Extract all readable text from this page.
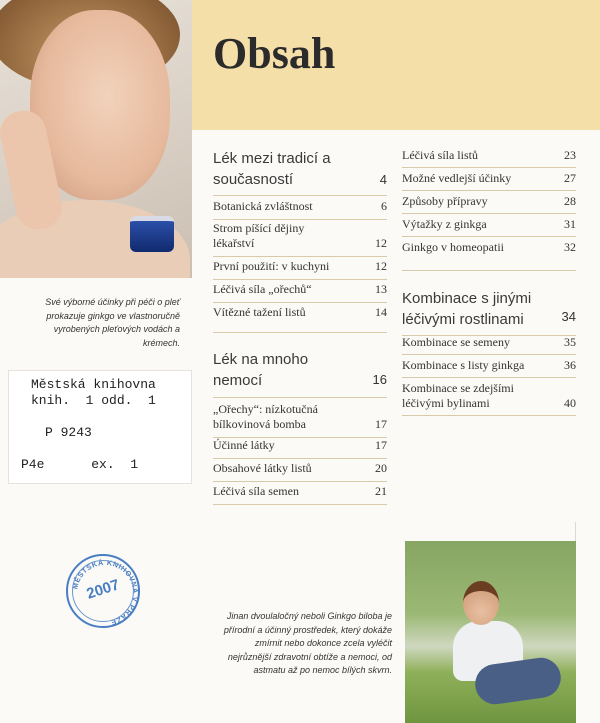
Své výborné účinky při péči o pleť prokazuje ginkgo ve vlastnoručně vyrobených pleťových vodách a krémech.

Městská knihovna
knih.  1 odd.  1
P 9243
P4e      ex.  1
MĚSTSKÁ KNIHOVNA V PRAZE
2007
Obsah
Lék mezi tradicí a současností	4
Botanická zvláštnost	6
Strom píšící dějiny lékařství	12
První použití: v kuchyni	12
Léčivá síla „ořechů“	13
Vítězné tažení listů	14
Lék na mnoho nemocí	16
„Ořechy“: nízkotučná bílkovinová bomba	17
Účinné látky	17
Obsahové látky listů	20
Léčivá síla semen	21
Léčivá síla listů	23
Možné vedlejší účinky	27
Způsoby přípravy	28
Výtažky z ginkga	31
Ginkgo v homeopatii	32
Kombinace s jinými léčivými rostlinami	34
Kombinace se semeny	35
Kombinace s listy ginkga	36
Kombinace se zdejšími léčivými bylinami	40

Jinan dvoulaločný neboli Ginkgo biloba je přírodní a účinný prostředek, který dokáže zmírnit nebo dokonce zcela vyléčit nejrůznější zdravotní obtíže a nemoci, od astmatu až po nemoc bílých skvrn.
